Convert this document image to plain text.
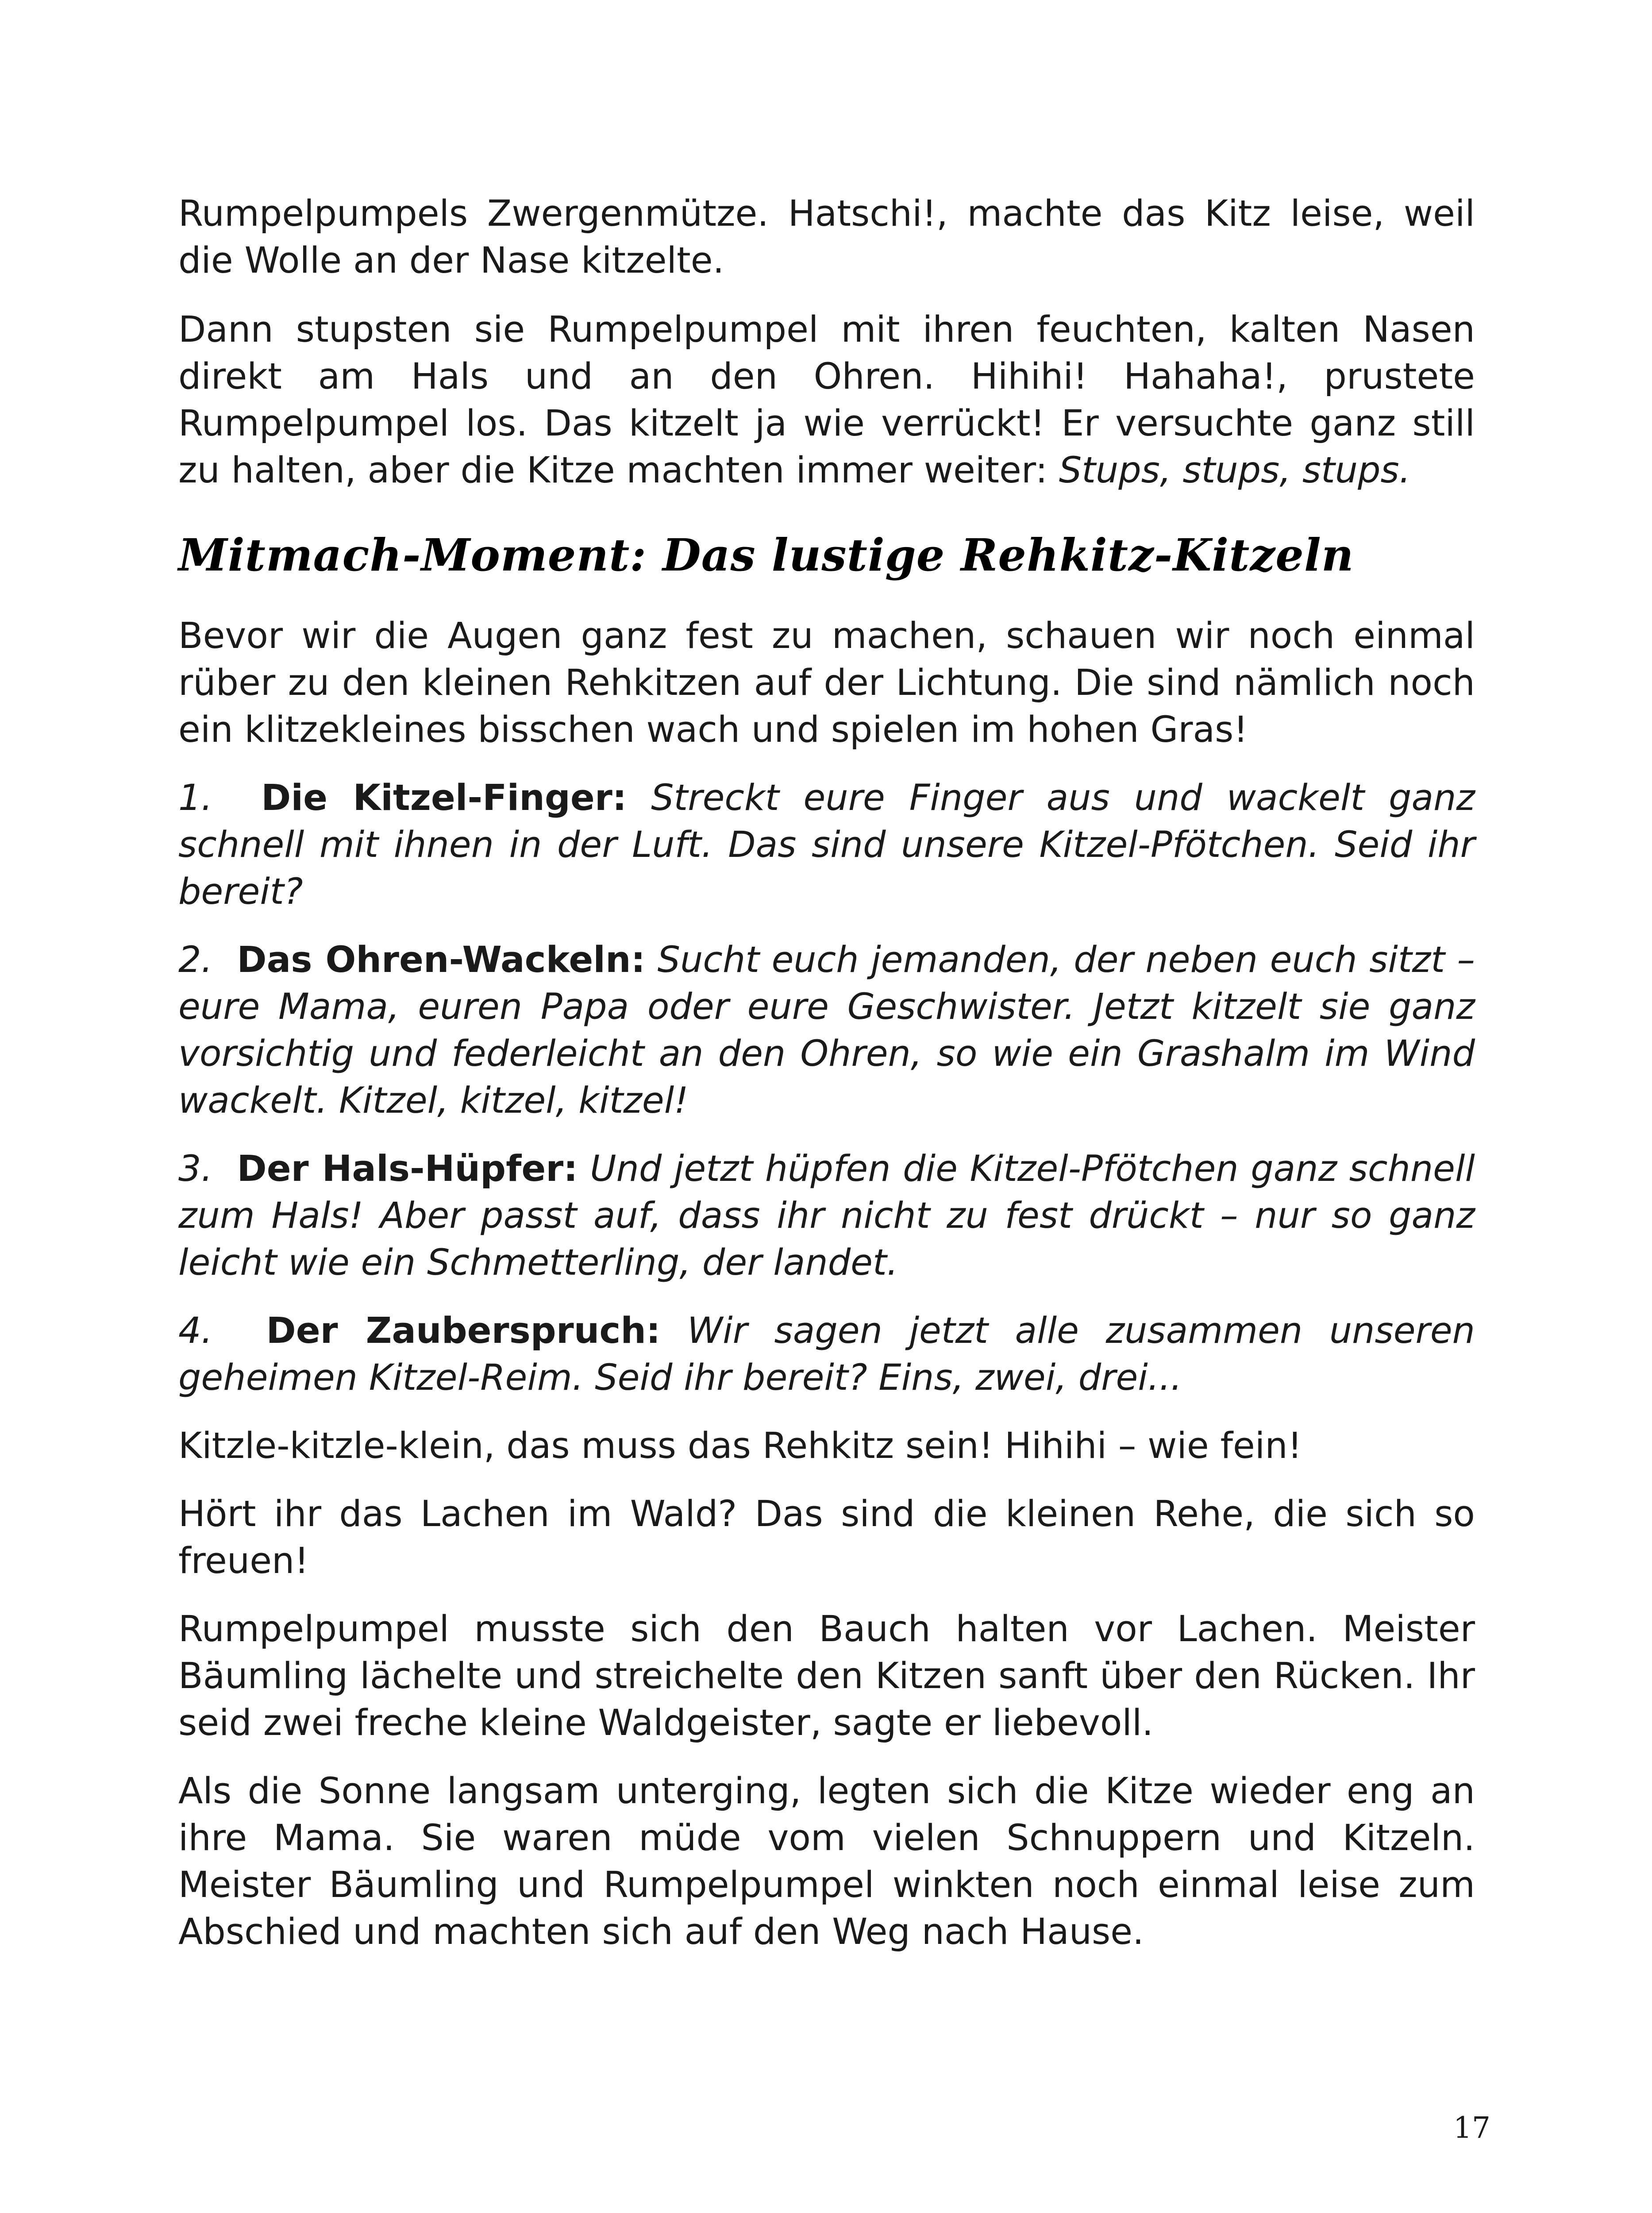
Rumpelpumpels Zwergenmütze. Hatschi!, machte das Kitz leise, weil die Wolle an der Nase kitzelte.

Dann stupsten sie Rumpelpumpel mit ihren feuchten, kalten Nasen direkt am Hals und an den Ohren. Hihihi! Hahaha!, prustete Rumpelpumpel los. Das kitzelt ja wie verrückt! Er versuchte ganz still zu halten, aber die Kitze machten immer weiter: Stups, stups, stups.

Mitmach-Moment: Das lustige Rehkitz-Kitzeln

Bevor wir die Augen ganz fest zu machen, schauen wir noch einmal rüber zu den kleinen Rehkitzen auf der Lichtung. Die sind nämlich noch ein klitzekleines bisschen wach und spielen im hohen Gras!

1. Die Kitzel-Finger: Streckt eure Finger aus und wackelt ganz schnell mit ihnen in der Luft. Das sind unsere Kitzel-Pfötchen. Seid ihr bereit?

2. Das Ohren-Wackeln: Sucht euch jemanden, der neben euch sitzt – eure Mama, euren Papa oder eure Geschwister. Jetzt kitzelt sie ganz vorsichtig und federleicht an den Ohren, so wie ein Grashalm im Wind wackelt. Kitzel, kitzel, kitzel!

3. Der Hals-Hüpfer: Und jetzt hüpfen die Kitzel-Pfötchen ganz schnell zum Hals! Aber passt auf, dass ihr nicht zu fest drückt – nur so ganz leicht wie ein Schmetterling, der landet.

4. Der Zauberspruch: Wir sagen jetzt alle zusammen unseren geheimen Kitzel-Reim. Seid ihr bereit? Eins, zwei, drei...

Kitzle-kitzle-klein, das muss das Rehkitz sein! Hihihi – wie fein!

Hört ihr das Lachen im Wald? Das sind die kleinen Rehe, die sich so freuen!

Rumpelpumpel musste sich den Bauch halten vor Lachen. Meister Bäumling lächelte und streichelte den Kitzen sanft über den Rücken. Ihr seid zwei freche kleine Waldgeister, sagte er liebevoll.

Als die Sonne langsam unterging, legten sich die Kitze wieder eng an ihre Mama. Sie waren müde vom vielen Schnuppern und Kitzeln. Meister Bäumling und Rumpelpumpel winkten noch einmal leise zum Abschied und machten sich auf den Weg nach Hause.

17
